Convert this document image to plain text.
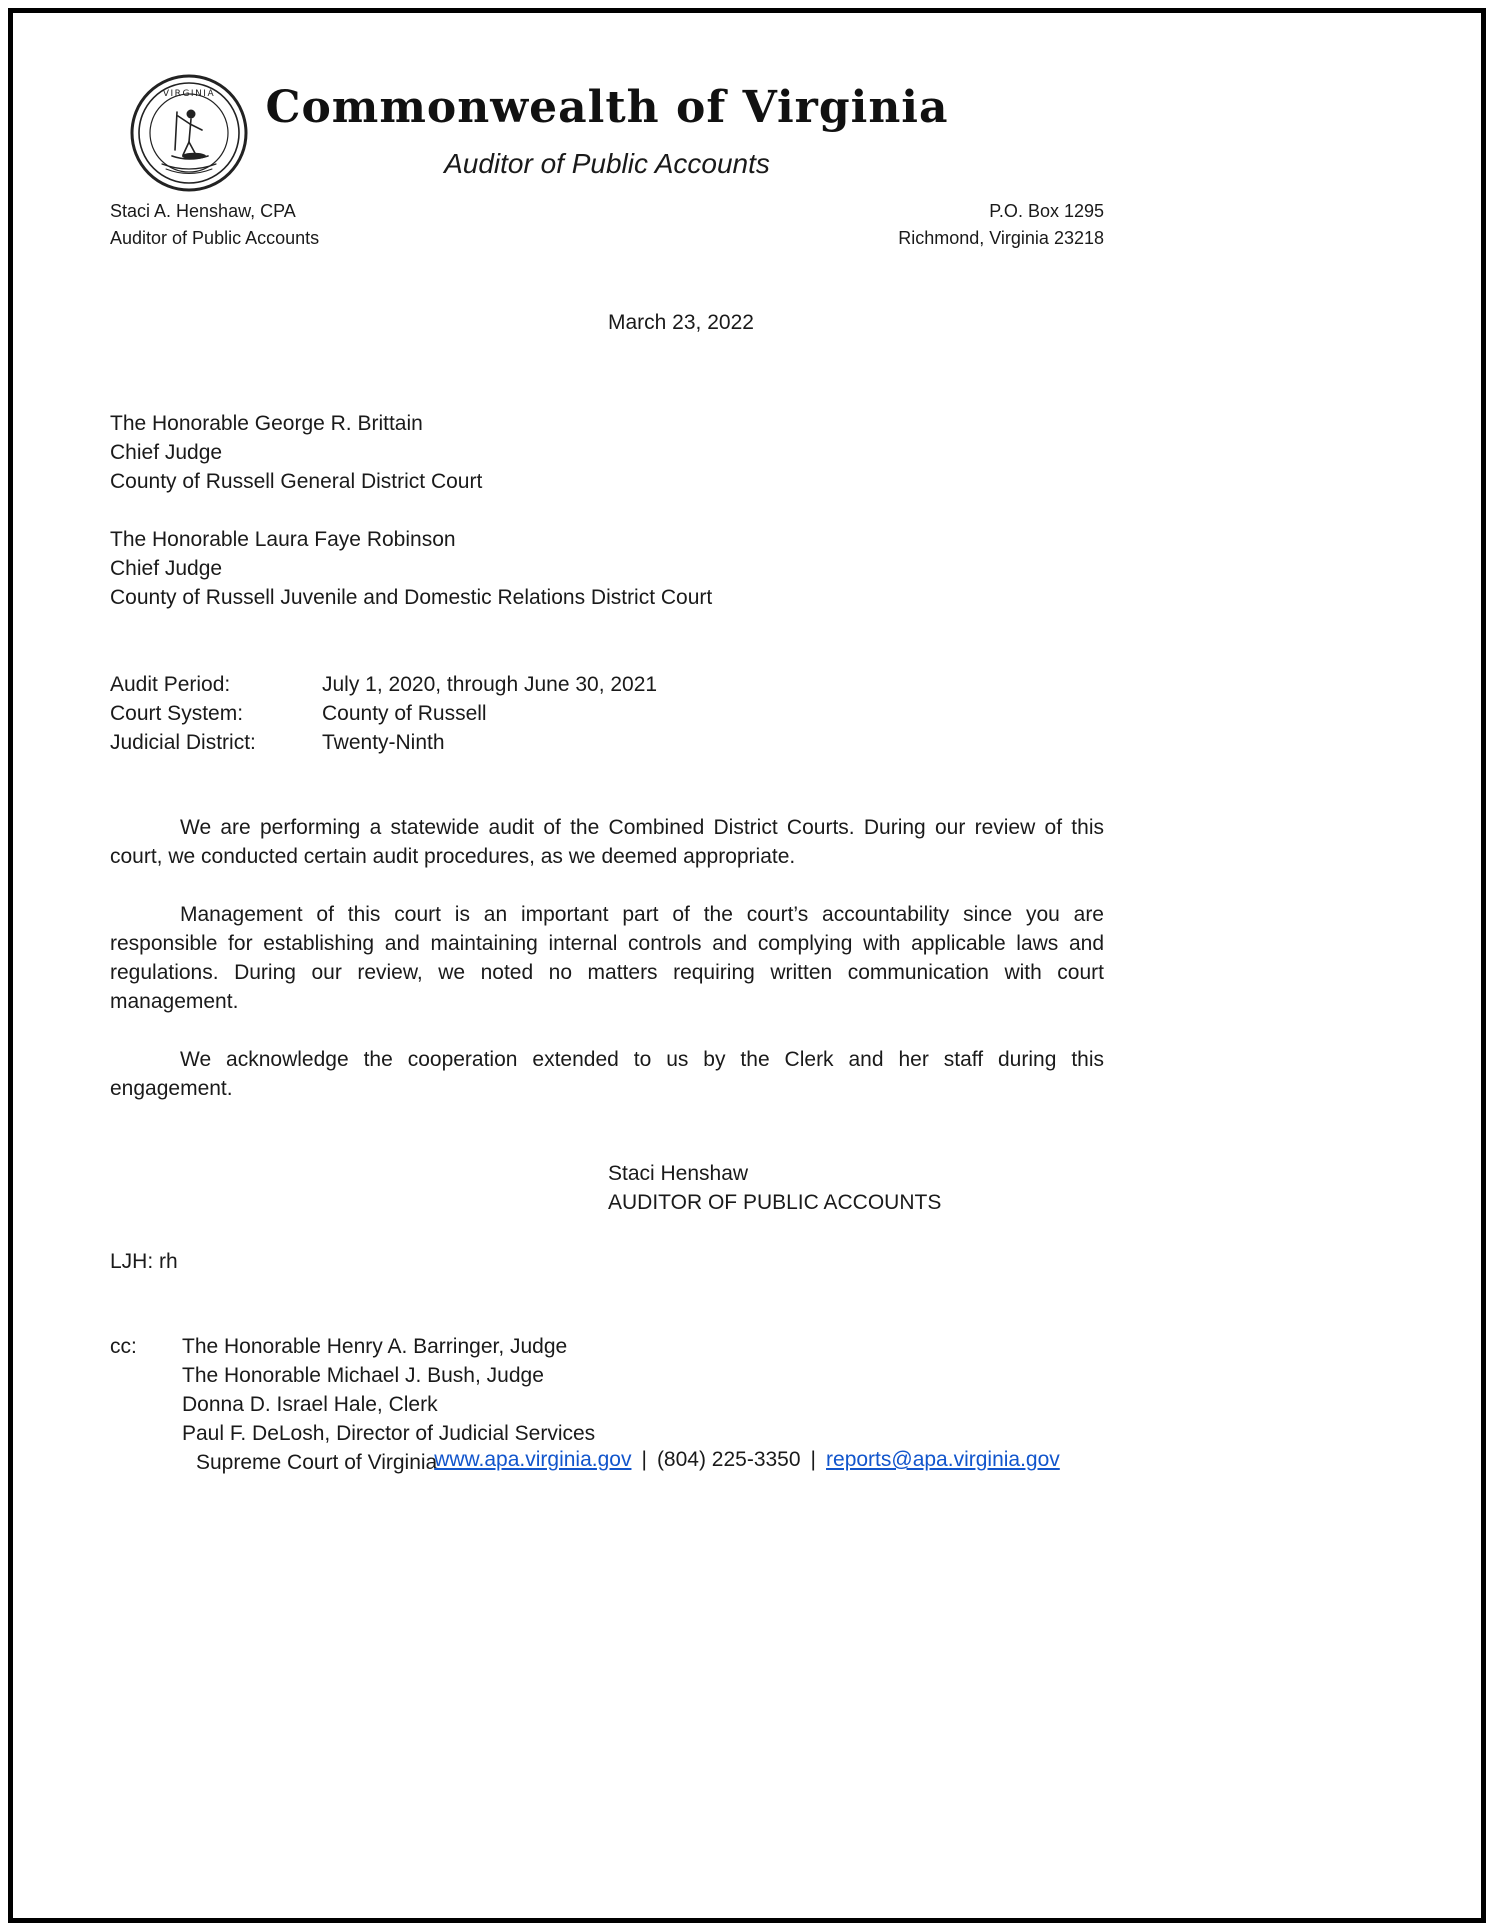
VIRGINIA	Commonwealth of Virginia
Auditor of Public Accounts
Staci A. Henshaw, CPA
Auditor of Public Accounts
P.O. Box 1295
Richmond, Virginia 23218
March 23, 2022
The Honorable George R. Brittain
Chief Judge
County of Russell General District Court
The Honorable Laura Faye Robinson
Chief Judge
County of Russell Juvenile and Domestic Relations District Court
Audit Period:	July 1, 2020, through June 30, 2021
Court System:	County of Russell
Judicial District:	Twenty-Ninth

We are performing a statewide audit of the Combined District Courts. During our review of this court, we conducted certain audit procedures, as we deemed appropriate.

Management of this court is an important part of the court’s accountability since you are responsible for establishing and maintaining internal controls and complying with applicable laws and regulations. During our review, we noted no matters requiring written communication with court management.

We acknowledge the cooperation extended to us by the Clerk and her staff during this engagement.

Staci Henshaw
AUDITOR OF PUBLIC ACCOUNTS
LJH: rh
cc:	The Honorable Henry A. Barringer, Judge
The Honorable Michael J. Bush, Judge
Donna D. Israel Hale, Clerk
Paul F. DeLosh, Director of Judicial Services
Supreme Court of Virginia
www.apa.virginia.gov | (804) 225-3350 | reports@apa.virginia.gov
